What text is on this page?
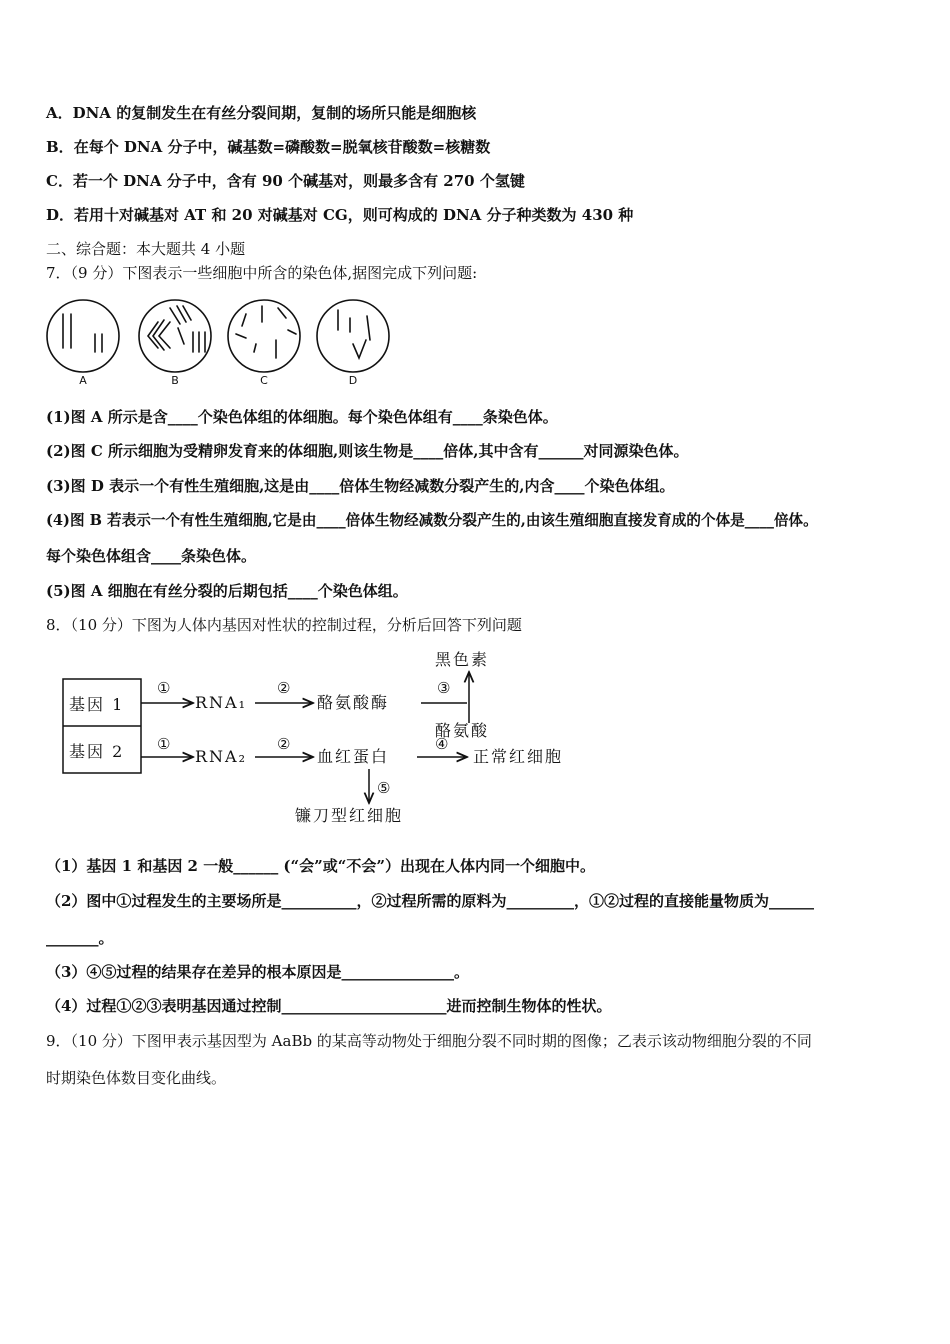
A．DNA 的复制发生在有丝分裂间期，复制的场所只能是细胞核
B．在每个 DNA 分子中，碱基数=磷酸数=脱氧核苷酸数=核糖数
C．若一个 DNA 分子中，含有 90 个碱基对，则最多含有 270 个氢键
D．若用十对碱基对 AT 和 20 对碱基对 CG，则可构成的 DNA 分子种类数为 430 种
二、综合题：本大题共 4 小题
7．（9 分）下图表示一些细胞中所含的染色体,据图完成下列问题:
A	B	C	D
(1)图 A 所示是含____个染色体组的体细胞。每个染色体组有____条染色体。
(2)图 C 所示细胞为受精卵发育来的体细胞,则该生物是____倍体,其中含有______对同源染色体。
(3)图 D 表示一个有性生殖细胞,这是由____倍体生物经减数分裂产生的,内含____个染色体组。
(4)图 B 若表示一个有性生殖细胞,它是由____倍体生物经减数分裂产生的,由该生殖细胞直接发育成的个体是____倍体。
每个染色体组含____条染色体。
(5)图 A 细胞在有丝分裂的后期包括____个染色体组。
8．（10 分）下图为人体内基因对性状的控制过程，分析后回答下列问题
基因 1
基因 2
①
①
RNA₁
RNA₂
②
②
酪氨酸酶
黑色素
③
酪氨酸
血红蛋白
④
正常红细胞
⑤
镰刀型红细胞
（1）基因 1 和基因 2 一般______ (“会”或“不会”）出现在人体内同一个细胞中。
（2）图中①过程发生的主要场所是__________，②过程所需的原料为_________，①②过程的直接能量物质为______
_______。
（3）④⑤过程的结果存在差异的根本原因是_______________。
（4）过程①②③表明基因通过控制______________________进而控制生物体的性状。
9．（10 分）下图甲表示基因型为 AaBb 的某高等动物处于细胞分裂不同时期的图像；乙表示该动物细胞分裂的不同
时期染色体数目变化曲线。
